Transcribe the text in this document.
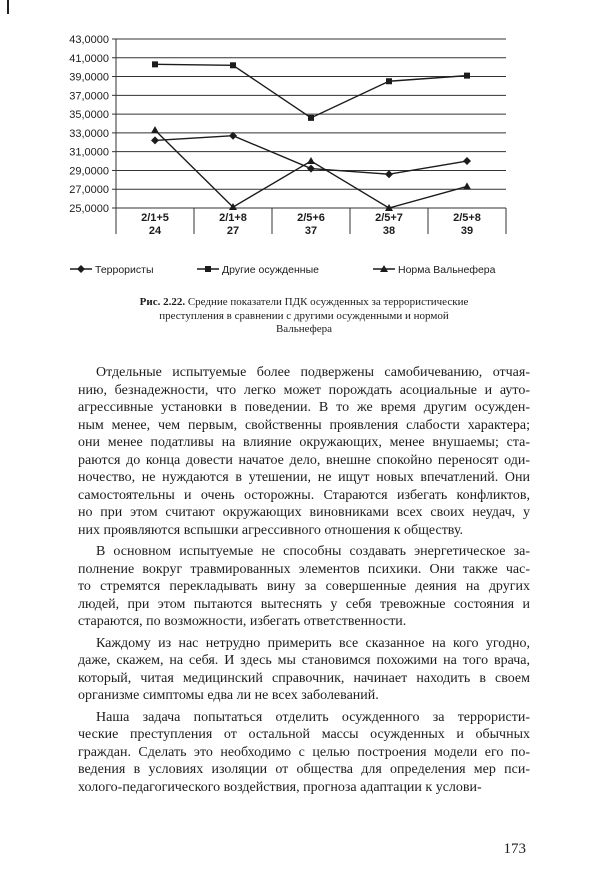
43,0000
41,0000
39,0000
37,0000
35,0000
33,0000
31,0000
29,0000
27,0000
25,0000
2/1+5
24
2/1+8
27
2/5+6
37
2/5+7
38
2/5+8
39
Террористы	Другие осужденные	Норма Вальнефера
Рис. 2.22. Средние показатели ПДК осужденных за террористические
преступления в сравнении с другими осужденными и нормой
Вальнефера
Отдельные испытуемые более подвержены самобичеванию, отчая-
нию, безнадежности, что легко может порождать асоциальные и ауто-
агрессивные установки в поведении. В то же время другим осужден-
ным менее, чем первым, свойственны проявления слабости характера;
они менее податливы на влияние окружающих, менее внушаемы; ста-
раются до конца довести начатое дело, внешне спокойно переносят оди-
ночество, не нуждаются в утешении, не ищут новых впечатлений. Они
самостоятельны и очень осторожны. Стараются избегать конфликтов,
но при этом считают окружающих виновниками всех своих неудач, у
них проявляются вспышки агрессивного отношения к обществу.
В основном испытуемые не способны создавать энергетическое за-
полнение вокруг травмированных элементов психики. Они также час-
то стремятся перекладывать вину за совершенные деяния на других
людей, при этом пытаются вытеснять у себя тревожные состояния и
стараются, по возможности, избегать ответственности.
Каждому из нас нетрудно примерить все сказанное на кого угодно,
даже, скажем, на себя. И здесь мы становимся похожими на того врача,
который, читая медицинский справочник, начинает находить в своем
организме симптомы едва ли не всех заболеваний.
Наша задача попытаться отделить осужденного за террористи-
ческие преступления от остальной массы осужденных и обычных
граждан. Сделать это необходимо с целью построения модели его по-
ведения в условиях изоляции от общества для определения мер пси-
холого-педагогического воздействия, прогноза адаптации к услови-
173
